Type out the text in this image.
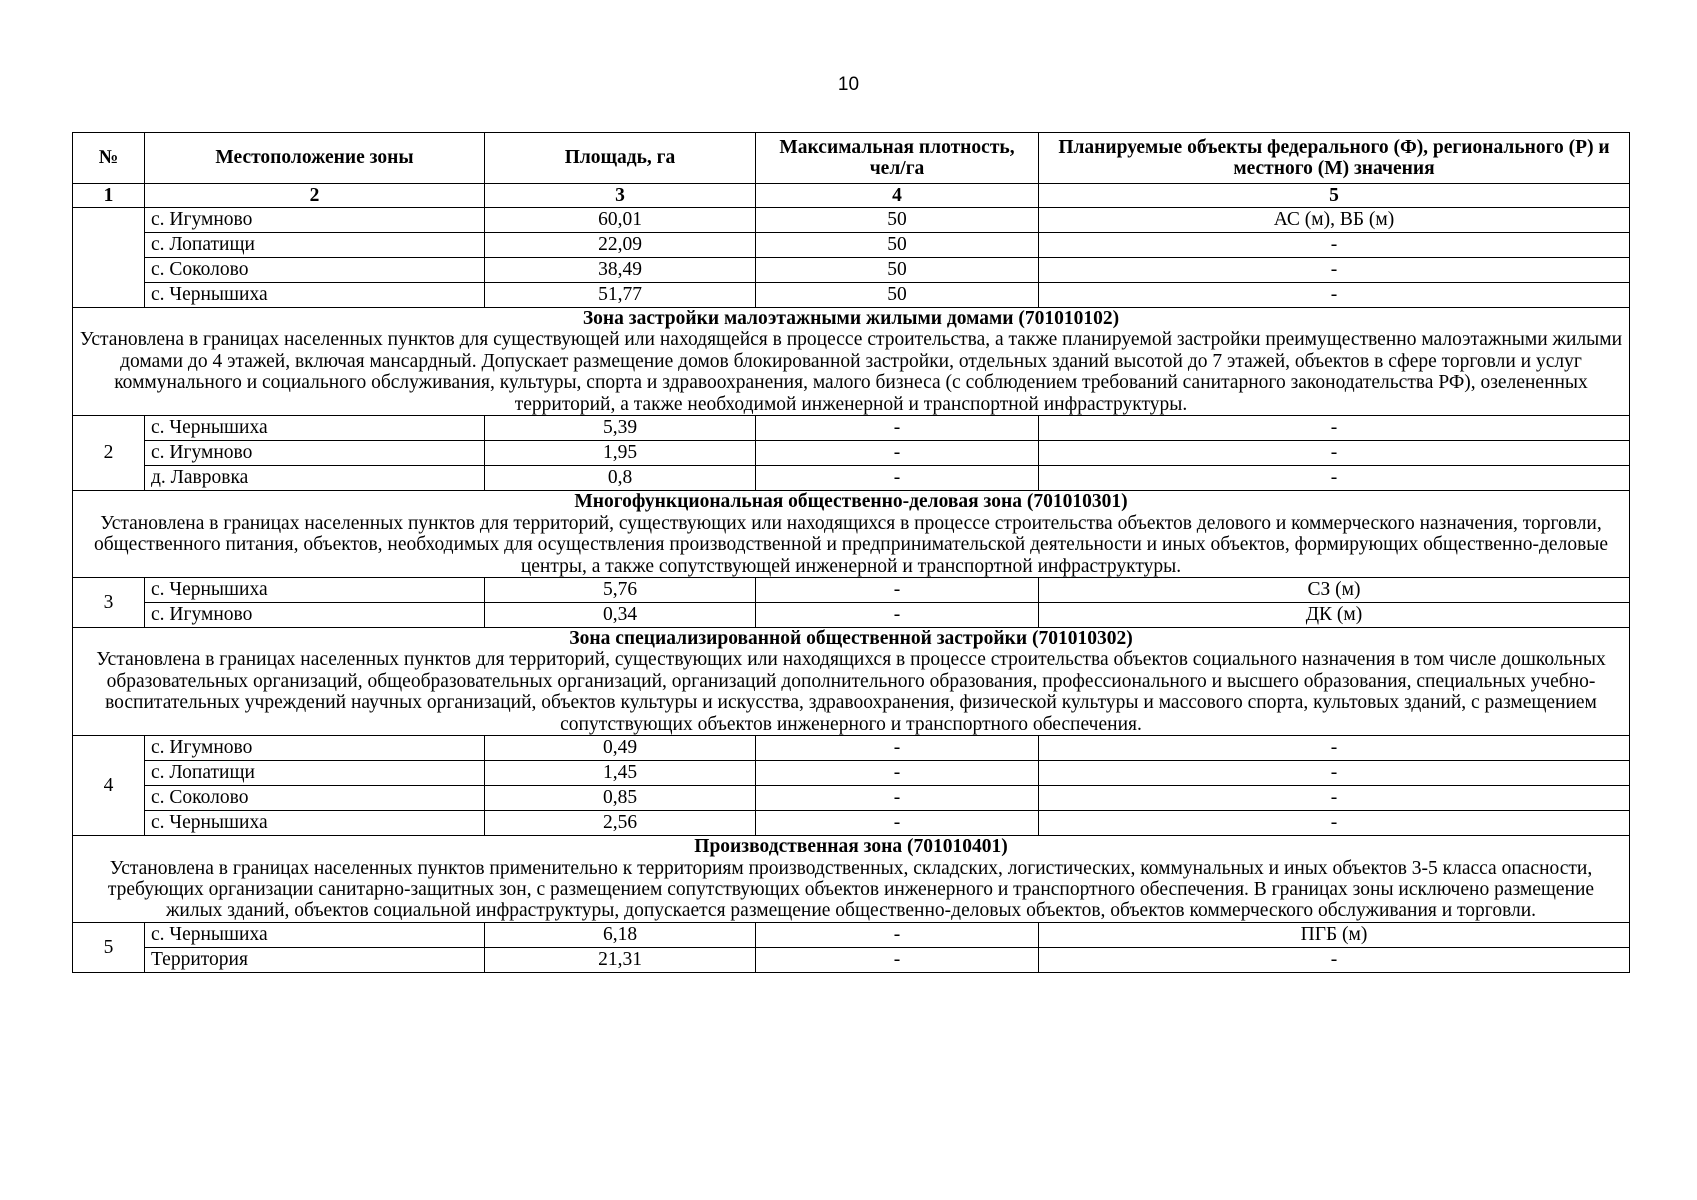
10
№	Местоположение зоны	Площадь, га	Максимальная плотность, чел/га	Планируемые объекты федерального (Ф), регионального (Р) и местного (М) значения
1	2	3	4	5
	с. Игумново	60,01	50	АС (м), ВБ (м)
	с. Лопатищи	22,09	50	-
	с. Соколово	38,49	50	-
	с. Чернышиха	51,77	50	-

Зона застройки малоэтажными жилыми домами (701010102)
Установлена в границах населенных пунктов для существующей или находящейся в процессе строительства, а также планируемой застройки преимущественно малоэтажными жилыми домами до 4 этажей, включая мансардный. Допускает размещение домов блокированной застройки, отдельных зданий высотой до 7 этажей, объектов в сфере торговли и услуг коммунального и социального обслуживания, культуры, спорта и здравоохранения, малого бизнеса (с соблюдением требований санитарного законодательства РФ), озелененных территорий, а также необходимой инженерной и транспортной инфраструктуры.				

2	с. Чернышиха	5,39	-	-
	с. Игумново	1,95	-	-
	д. Лавровка	0,8	-	-

Многофункциональная общественно-деловая зона (701010301)
Установлена в границах населенных пунктов для территорий, существующих или находящихся в процессе строительства объектов делового и коммерческого назначения, торговли, общественного питания, объектов, необходимых для осуществления производственной и предпринимательской деятельности и иных объектов, формирующих общественно-деловые центры, а также сопутствующей инженерной и транспортной инфраструктуры.				

3	с. Чернышиха	5,76	-	СЗ (м)
	с. Игумново	0,34	-	ДК (м)

Зона специализированной общественной застройки (701010302)
Установлена в границах населенных пунктов для территорий, существующих или находящихся в процессе строительства объектов социального назначения в том числе дошкольных образовательных организаций, общеобразовательных организаций, организаций дополнительного образования, профессионального и высшего образования, специальных учебно-воспитательных учреждений научных организаций, объектов культуры и искусства, здравоохранения, физической культуры и массового спорта, культовых зданий, с размещением сопутствующих объектов инженерного и транспортного обеспечения.				

4	с. Игумново	0,49	-	-
	с. Лопатищи	1,45	-	-
	с. Соколово	0,85	-	-
	с. Чернышиха	2,56	-	-

Производственная зона (701010401)
Установлена в границах населенных пунктов применительно к территориям производственных, складских, логистических, коммунальных и иных объектов 3-5 класса опасности, требующих организации санитарно-защитных зон, с размещением сопутствующих объектов инженерного и транспортного обеспечения. В границах зоны исключено размещение жилых зданий, объектов социальной инфраструктуры, допускается размещение общественно-деловых объектов, объектов коммерческого обслуживания и торговли.				

5	с. Чернышиха	6,18	-	ПГБ (м)
	Территория	21,31	-	-
